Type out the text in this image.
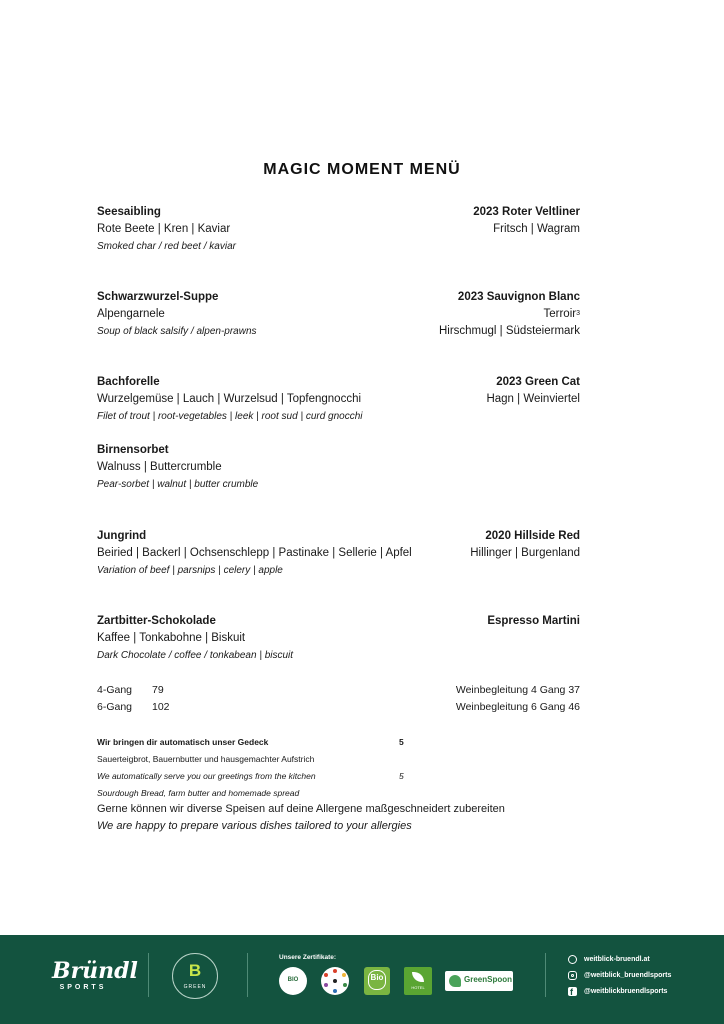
MAGIC MOMENT MENÜ
Seesaibling
Rote Beete | Kren | Kaviar
Smoked char / red beet / kaviar
2023 Roter Veltliner
Fritsch | Wagram
Schwarzwurzel-Suppe
Alpengarnele
Soup of black salsify / alpen-prawns
2023 Sauvignon Blanc
Terroir$^3$
Hirschmugl | Südsteiermark
Bachforelle
Wurzelgemüse | Lauch | Wurzelsud | Topfengnocchi
Filet of trout | root-vegetables | leek | root sud | curd gnocchi
2023 Green Cat
Hagn | Weinviertel
Birnensorbet
Walnuss | Buttercrumble
Pear-sorbet | walnut | butter crumble
Jungrind
Beiried | Backerl | Ochsenschlepp | Pastinake | Sellerie | Apfel
Variation of beef | parsnips | celery | apple
2020 Hillside Red
Hillinger | Burgenland
Zartbitter-Schokolade
Kaffee | Tonkabohne | Biskuit
Dark Chocolate / coffee / tonkabean | biscuit
Espresso Martini
4-Gang 79	Weinbegleitung 4 Gang 37
6-Gang 102	Weinbegleitung 6 Gang 46
Wir bringen dir automatisch unser Gedeck	5
Sauerteigbrot, Bauernbutter und hausgemachter Aufstrich
We automatically serve you our greetings from the kitchen	5
Sourdough Bread, farm butter and homemade spread
Gerne können wir diverse Speisen auf deine Allergene maßgeschneidert zubereiten
We are happy to prepare various dishes tailored to your allergies
Bründl
SPORTS
B
GREEN
Unsere Zertifikate:
BIO	Bio
HOTEL
GreenSpoon
weitblick-bruendl.at
@weitblick_bruendlsports
f
@weitblickbruendlsports
